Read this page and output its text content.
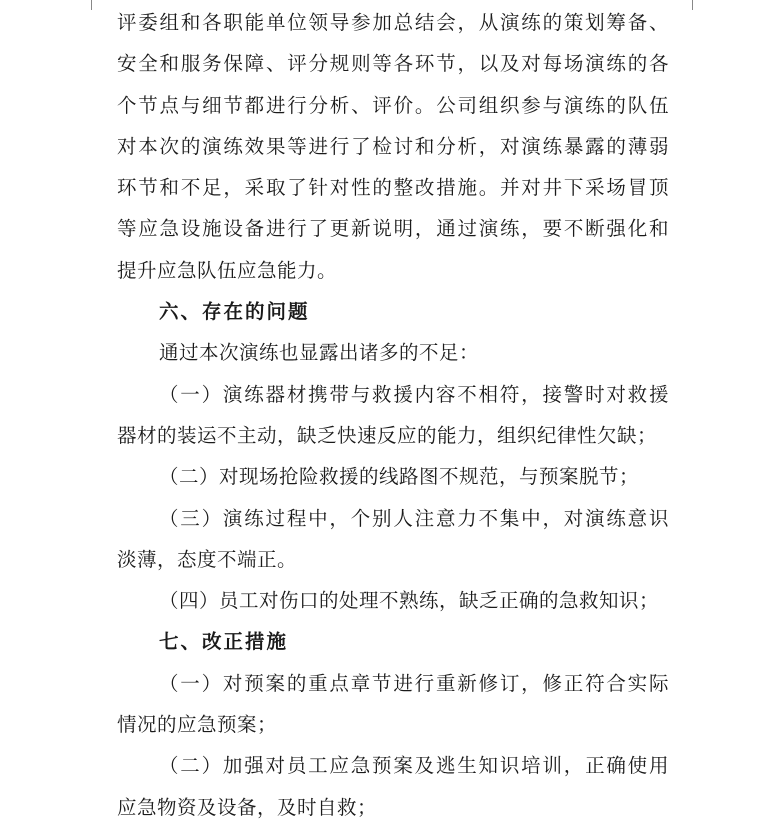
评委组和各职能单位领导参加总结会，从演练的策划筹备、
安全和服务保障、评分规则等各环节，以及对每场演练的各
个节点与细节都进行分析、评价。公司组织参与演练的队伍
对本次的演练效果等进行了检讨和分析，对演练暴露的薄弱
环节和不足，采取了针对性的整改措施。并对井下采场冒顶
等应急设施设备进行了更新说明，通过演练，要不断强化和
提升应急队伍应急能力。
六、存在的问题
通过本次演练也显露出诸多的不足：
（一）演练器材携带与救援内容不相符，接警时对救援
器材的装运不主动，缺乏快速反应的能力，组织纪律性欠缺；
（二）对现场抢险救援的线路图不规范，与预案脱节；
（三）演练过程中，个别人注意力不集中，对演练意识
淡薄，态度不端正。
（四）员工对伤口的处理不熟练，缺乏正确的急救知识；
七、改正措施
（一）对预案的重点章节进行重新修订，修正符合实际
情况的应急预案；
（二）加强对员工应急预案及逃生知识培训，正确使用
应急物资及设备，及时自救；
